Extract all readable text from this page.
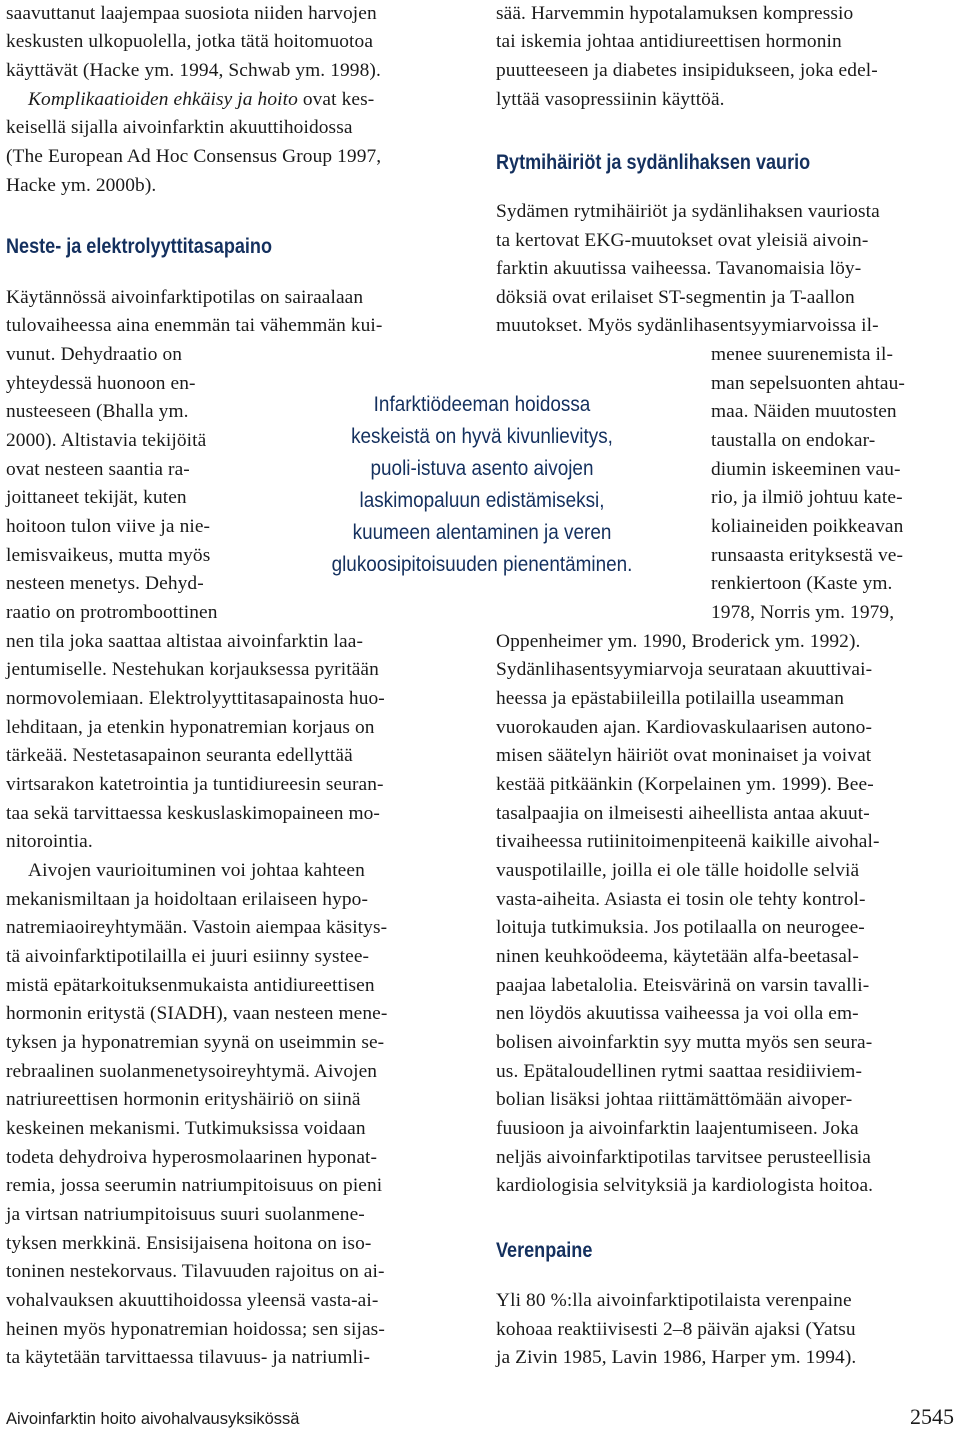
saavuttanut laajempaa suosiota niiden harvojen
keskusten ulkopuolella, jotka tätä hoitomuotoa
käyttävät (Hacke ym. 1994, Schwab ym. 1998).
Komplikaatioiden ehkäisy ja hoito ovat kes-
keisellä sijalla aivoinfarktin akuuttihoidossa
(The European Ad Hoc Consensus Group 1997,
Hacke ym. 2000b).
Neste- ja elektrolyyttitasapaino
Käytännössä aivoinfarktipotilas on sairaalaan
tulovaiheessa aina enemmän tai vähemmän kui-
vunut. Dehydraatio on
yhteydessä huonoon en-
nusteeseen (Bhalla ym.
2000). Altistavia tekijöitä
ovat nesteen saantia ra-
joittaneet tekijät, kuten
hoitoon tulon viive ja nie-
lemisvaikeus, mutta myös
nesteen menetys. Dehyd-
raatio on protromboottinen
nen tila joka saattaa altistaa aivoinfarktin laa-
jentumiselle. Nestehukan korjauksessa pyritään
normovolemiaan. Elektrolyyttitasapainosta huo-
lehditaan, ja etenkin hyponatremian korjaus on
tärkeää. Nestetasapainon seuranta edellyttää
virtsarakon katetrointia ja tuntidiureesin seuran-
taa sekä tarvittaessa keskuslaskimopaineen mo-
nitorointia.
Aivojen vaurioituminen voi johtaa kahteen
mekanismiltaan ja hoidoltaan erilaiseen hypo-
natremiaoireyhtymään. Vastoin aiempaa käsitys-
tä aivoinfarktipotilailla ei juuri esiinny systee-
mistä epätarkoituksenmukaista antidiureettisen
hormonin eritystä (SIADH), vaan nesteen mene-
tyksen ja hyponatremian syynä on useimmin se-
rebraalinen suolanmenetysoireyhtymä. Aivojen
natriureettisen hormonin erityshäiriö on siinä
keskeinen mekanismi. Tutkimuksissa voidaan
todeta dehydroiva hyperosmolaarinen hyponat-
remia, jossa seerumin natriumpitoisuus on pieni
ja virtsan natriumpitoisuus suuri suolanmene-
tyksen merkkinä. Ensisijaisena hoitona on iso-
toninen nestekorvaus. Tilavuuden rajoitus on ai-
vohalvauksen akuuttihoidossa yleensä vasta-ai-
heinen myös hyponatremian hoidossa; sen sijas-
ta käytetään tarvittaessa tilavuus- ja natriumli-
sää. Harvemmin hypotalamuksen kompressio
tai iskemia johtaa antidiureettisen hormonin
puutteeseen ja diabetes insipidukseen, joka edel-
lyttää vasopressiinin käyttöä.
Rytmihäiriöt ja sydänlihaksen vaurio
Sydämen rytmihäiriöt ja sydänlihaksen vauriosta
ta kertovat EKG-muutokset ovat yleisiä aivoin-
farktin akuutissa vaiheessa. Tavanomaisia löy-
döksiä ovat erilaiset ST-segmentin ja T-aallon
muutokset. Myös sydänlihasentsyymiarvoissa il-
menee suurenemista il-
man sepelsuonten ahtau-
maa. Näiden muutosten
taustalla on endokar-
diumin iskeeminen vau-
rio, ja ilmiö johtuu kate-
koliaineiden poikkeavan
runsaasta erityksestä ve-
renkiertoon (Kaste ym.
1978, Norris ym. 1979,
Oppenheimer ym. 1990, Broderick ym. 1992).
Sydänlihasentsyymiarvoja seurataan akuuttivai-
heessa ja epästabiileilla potilailla useamman
vuorokauden ajan. Kardiovaskulaarisen autono-
misen säätelyn häiriöt ovat moninaiset ja voivat
kestää pitkäänkin (Korpelainen ym. 1999). Bee-
tasalpaajia on ilmeisesti aiheellista antaa akuut-
tivaiheessa rutiinitoimenpiteenä kaikille aivohal-
vauspotilaille, joilla ei ole tälle hoidolle selviä
vasta-aiheita. Asiasta ei tosin ole tehty kontrol-
loituja tutkimuksia. Jos potilaalla on neurogee-
ninen keuhkoödeema, käytetään alfa-beetasal-
paajaa labetalolia. Eteisvärinä on varsin tavalli-
nen löydös akuutissa vaiheessa ja voi olla em-
bolisen aivoinfarktin syy mutta myös sen seura-
us. Epätaloudellinen rytmi saattaa residiiviem-
bolian lisäksi johtaa riittämättömään aivoper-
fuusioon ja aivoinfarktin laajentumiseen. Joka
neljäs aivoinfarktipotilas tarvitsee perusteellisia
kardiologisia selvityksiä ja kardiologista hoitoa.
Verenpaine
Yli 80 %:lla aivoinfarktipotilaista verenpaine
kohoaa reaktiivisesti 2–8 päivän ajaksi (Yatsu
ja Zivin 1985, Lavin 1986, Harper ym. 1994).
Infarktiödeeman hoidossa
keskeistä on hyvä kivunlievitys,
puoli-istuva asento aivojen
laskimopaluun edistämiseksi,
kuumeen alentaminen ja veren
glukoosipitoisuuden pienentäminen.
Aivoinfarktin hoito aivohalvausyksikössä	2545
